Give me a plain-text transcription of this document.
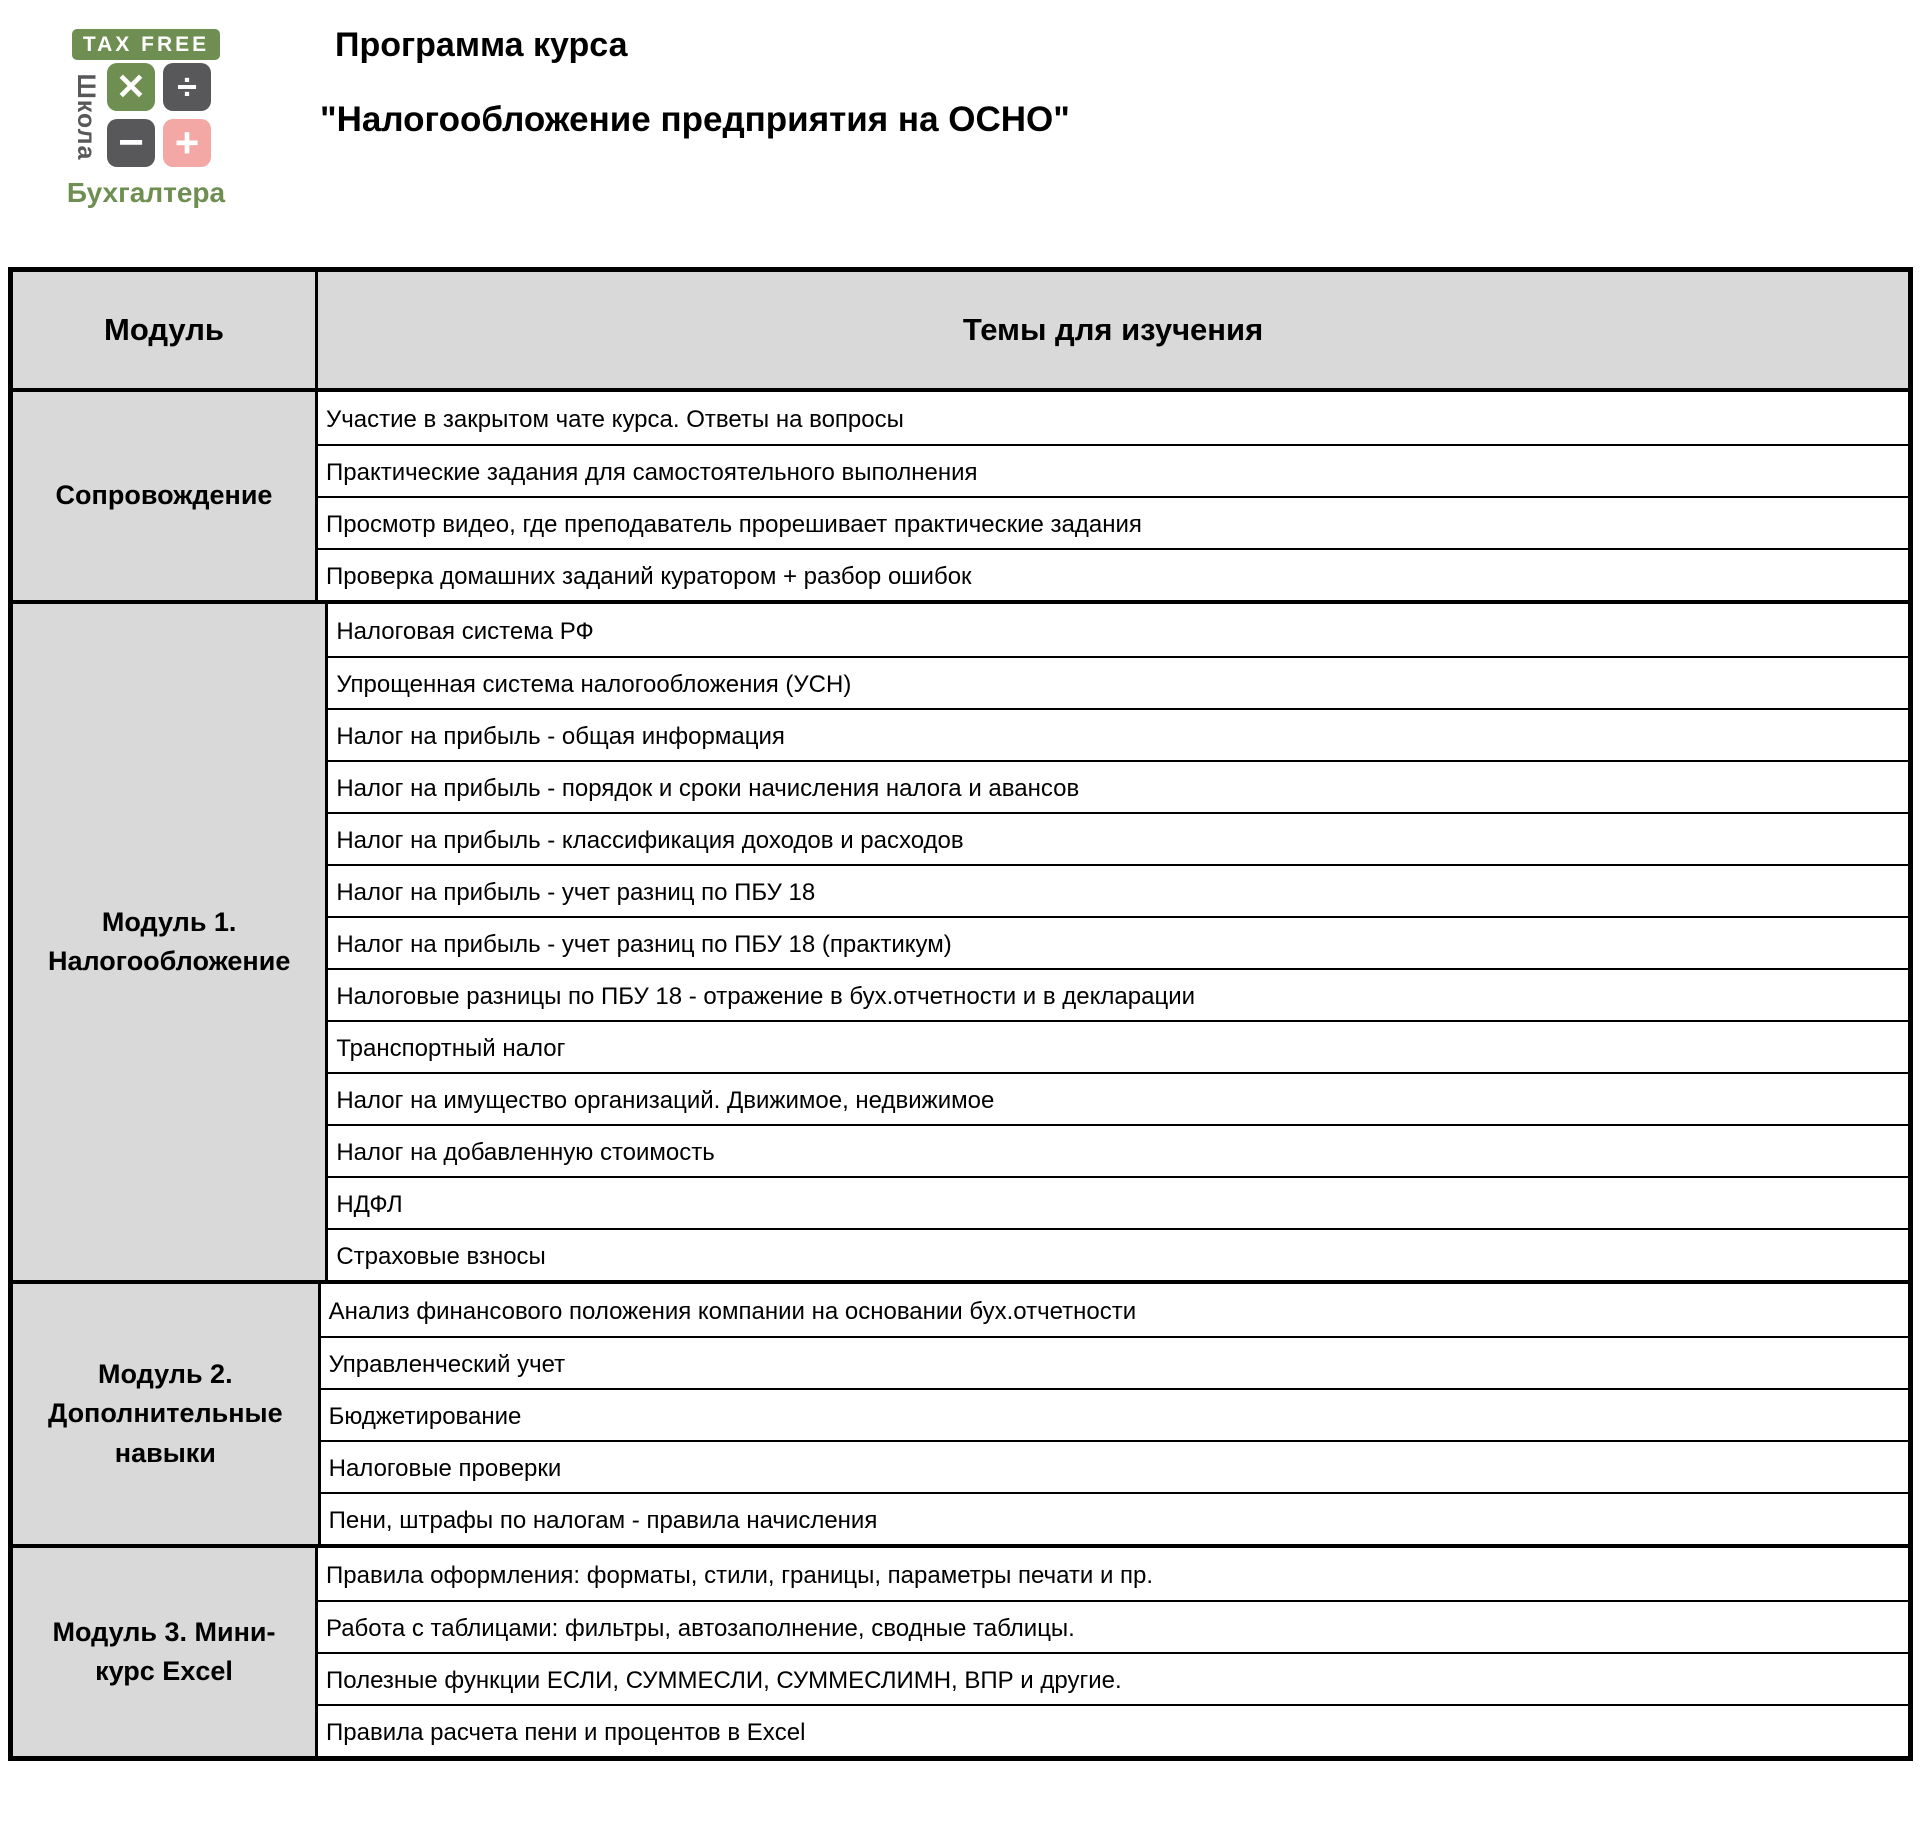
TAX FREE
Школа ✕ ÷
− +
Бухгалтера
Программа курса
"Налогообложение предприятия на ОСНО"
Модуль	Темы для изучения
Сопровождение
Участие в закрытом чате курса. Ответы на вопросы
Практические задания для самостоятельного выполнения
Просмотр видео, где преподаватель прорешивает практические задания
Проверка домашних заданий куратором + разбор ошибок
Модуль 1. Налогообложение
Налоговая система РФ
Упрощенная система налогообложения (УСН)
Налог на прибыль - общая информация
Налог на прибыль - порядок и сроки начисления налога и авансов
Налог на прибыль - классификация доходов и расходов
Налог на прибыль - учет разниц по ПБУ 18
Налог на прибыль - учет разниц по ПБУ 18 (практикум)
Налоговые разницы по ПБУ 18 - отражение в бух.отчетности и в декларации
Транспортный налог
Налог на имущество организаций. Движимое, недвижимое
Налог на добавленную стоимость
НДФЛ
Страховые взносы
Модуль 2. Дополнительные навыки
Анализ финансового положения компании на основании бух.отчетности
Управленческий учет
Бюджетирование
Налоговые проверки
Пени, штрафы по налогам - правила начисления
Модуль 3. Мини-курс Excel
Правила оформления: форматы, стили, границы, параметры печати и пр.
Работа с таблицами: фильтры, автозаполнение, сводные таблицы.
Полезные функции ЕСЛИ, СУММЕСЛИ, СУММЕСЛИМН, ВПР и другие.
Правила расчета пени и процентов в Excel
